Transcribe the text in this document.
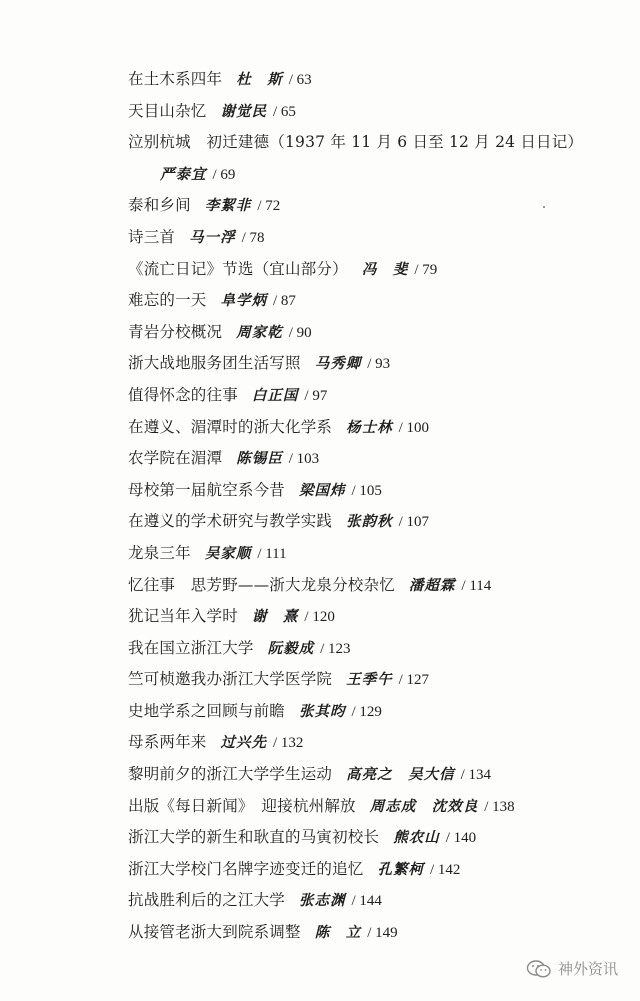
在土木系四年 杜　斯 / 63
天目山杂忆 谢觉民 / 65
泣别杭城　初迁建德（1937 年 11 月 6 日至 12 月 24 日日记）
严泰宜 / 69
泰和乡间 李絜非 / 72
诗三首 马一浮 / 78
《流亡日记》节选（宜山部分） 冯　斐 / 79
难忘的一天 阜学炳 / 87
青岩分校概况 周家乾 / 90
浙大战地服务团生活写照 马秀卿 / 93
值得怀念的往事 白正国 / 97
在遵义、湄潭时的浙大化学系 杨士林 / 100
农学院在湄潭 陈锡臣 / 103
母校第一届航空系今昔 梁国炜 / 105
在遵义的学术研究与教学实践 张韵秋 / 107
龙泉三年 吴家顺 / 111
忆往事　思芳野——浙大龙泉分校杂忆 潘超霖 / 114
犹记当年入学时 谢　熹 / 120
我在国立浙江大学 阮毅成 / 123
竺可桢邀我办浙江大学医学院 王季午 / 127
史地学系之回顾与前瞻 张其昀 / 129
母系两年来 过兴先 / 132
黎明前夕的浙江大学学生运动 高亮之　吴大信 / 134
出版《每日新闻》　迎接杭州解放 周志成　沈效良 / 138
浙江大学的新生和耿直的马寅初校长 熊农山 / 140
浙江大学校门名牌字迹变迁的追忆 孔繁柯 / 142
抗战胜利后的之江大学 张志渊 / 144
从接管老浙大到院系调整 陈　立 / 149
神外资讯
